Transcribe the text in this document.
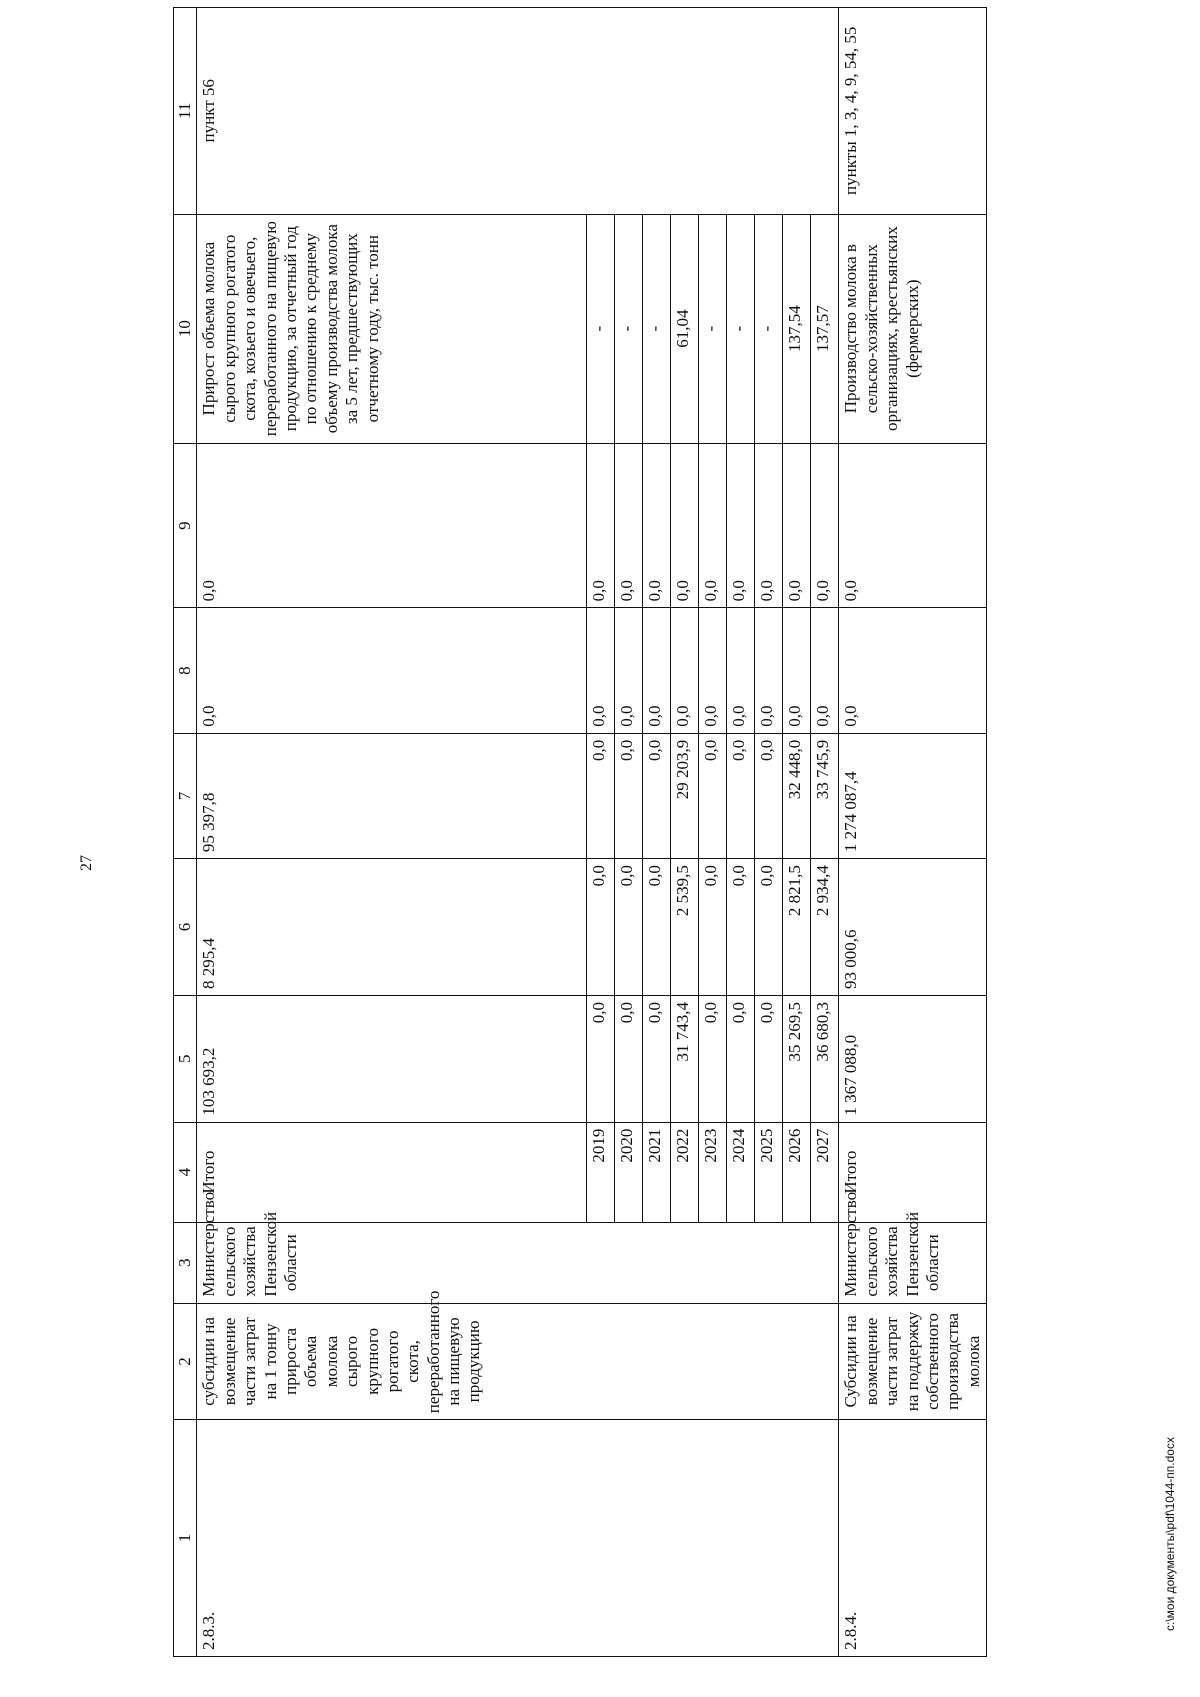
27
1	2	3	4	5	6	7	8	9	10	11
2.8.3.	субсидии на возмещение части затрат на 1 тонну прироста объема молока сырого крупного рогатого скота, переработанного на пищевую продукцию	Министерство сельского хозяйства Пензенской области	Итого	103 693,2	8 295,4	95 397,8	0,0	0,0	Прирост объема молока сырого крупного рогатого скота, козьего и овечьего, переработанного на пищевую продукцию, за отчетный год по отношению к среднему объему производства молока за 5 лет, предшествующих отчетному году, тыс. тонн	пункт 56
			2019	0,0	0,0	0,0	0,0	0,0	-	
			2020	0,0	0,0	0,0	0,0	0,0	-	
			2021	0,0	0,0	0,0	0,0	0,0	-	
			2022	31 743,4	2 539,5	29 203,9	0,0	0,0	61,04	
			2023	0,0	0,0	0,0	0,0	0,0	-	
			2024	0,0	0,0	0,0	0,0	0,0	-	
			2025	0,0	0,0	0,0	0,0	0,0	-	
			2026	35 269,5	2 821,5	32 448,0	0,0	0,0	137,54	
			2027	36 680,3	2 934,4	33 745,9	0,0	0,0	137,57	
2.8.4.	Субсидии на возмещение части затрат на поддержку собственного производства молока	Министерство сельского хозяйства Пензенской области	Итого	1 367 088,0	93 000,6	1 274 087,4	0,0	0,0	Производство молока в сельско-хозяйственных организациях, крестьянских (фермерских)	пункты 1, 3, 4, 9, 54, 55
c:\мои документы\pdf\1044-пп.docx
